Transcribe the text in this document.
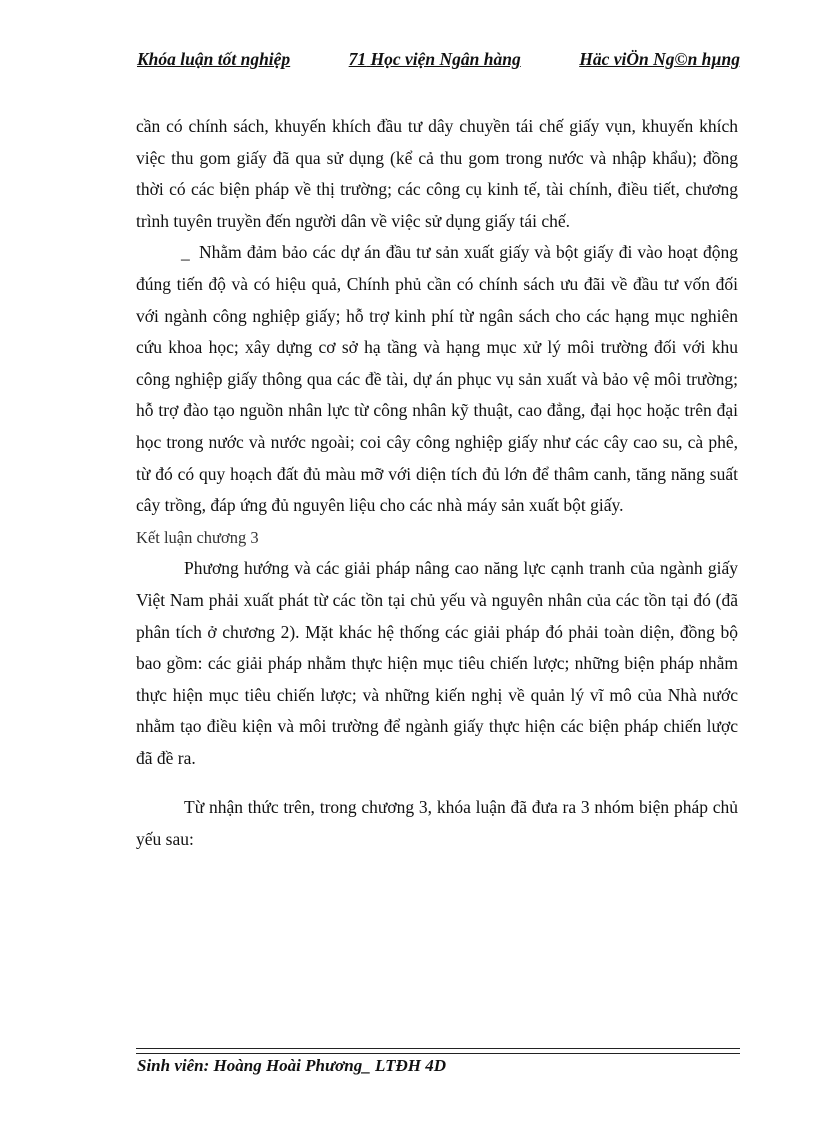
Khóa luận tốt nghiệp	71 Học viện Ngân hàng	Häc viÖn Ng©n hµng

cần có chính sách, khuyến khích đầu tư dây chuyền tái chế giấy vụn, khuyến khích việc thu gom giấy đã qua sử dụng (kể cả thu gom trong nước và nhập khẩu); đồng thời có các biện pháp về thị trường; các công cụ kinh tế, tài chính, điều tiết, chương trình tuyên truyền đến người dân về việc sử dụng giấy tái chế.

_ Nhằm đảm bảo các dự án đầu tư sản xuất giấy và bột giấy đi vào hoạt động đúng tiến độ và có hiệu quả, Chính phủ cần có chính sách ưu đãi về đầu tư vốn đối với ngành công nghiệp giấy; hỗ trợ kinh phí từ ngân sách cho các hạng mục nghiên cứu khoa học; xây dựng cơ sở hạ tầng và hạng mục xử lý môi trường đối với khu công nghiệp giấy thông qua các đề tài, dự án phục vụ sản xuất và bảo vệ môi trường; hỗ trợ đào tạo nguồn nhân lực từ công nhân kỹ thuật, cao đẳng, đại học hoặc trên đại học trong nước và nước ngoài; coi cây công nghiệp giấy như các cây cao su, cà phê, từ đó có quy hoạch đất đủ màu mỡ với diện tích đủ lớn để thâm canh, tăng năng suất cây trồng, đáp ứng đủ nguyên liệu cho các nhà máy sản xuất bột giấy.

Kết luận chương 3

Phương hướng và các giải pháp nâng cao năng lực cạnh tranh của ngành giấy Việt Nam phải xuất phát từ các tồn tại chủ yếu và nguyên nhân của các tồn tại đó (đã phân tích ở chương 2). Mặt khác hệ thống các giải pháp đó phải toàn diện, đồng bộ bao gồm: các giải pháp nhằm thực hiện mục tiêu chiến lược; những biện pháp nhằm thực hiện mục tiêu chiến lược; và những kiến nghị về quản lý vĩ mô của Nhà nước nhằm tạo điều kiện và môi trường để ngành giấy thực hiện các biện pháp chiến lược đã đề ra.

Từ nhận thức trên, trong chương 3, khóa luận đã đưa ra 3 nhóm biện pháp chủ yếu sau:

Sinh viên: Hoàng Hoài Phương_ LTĐH 4D
